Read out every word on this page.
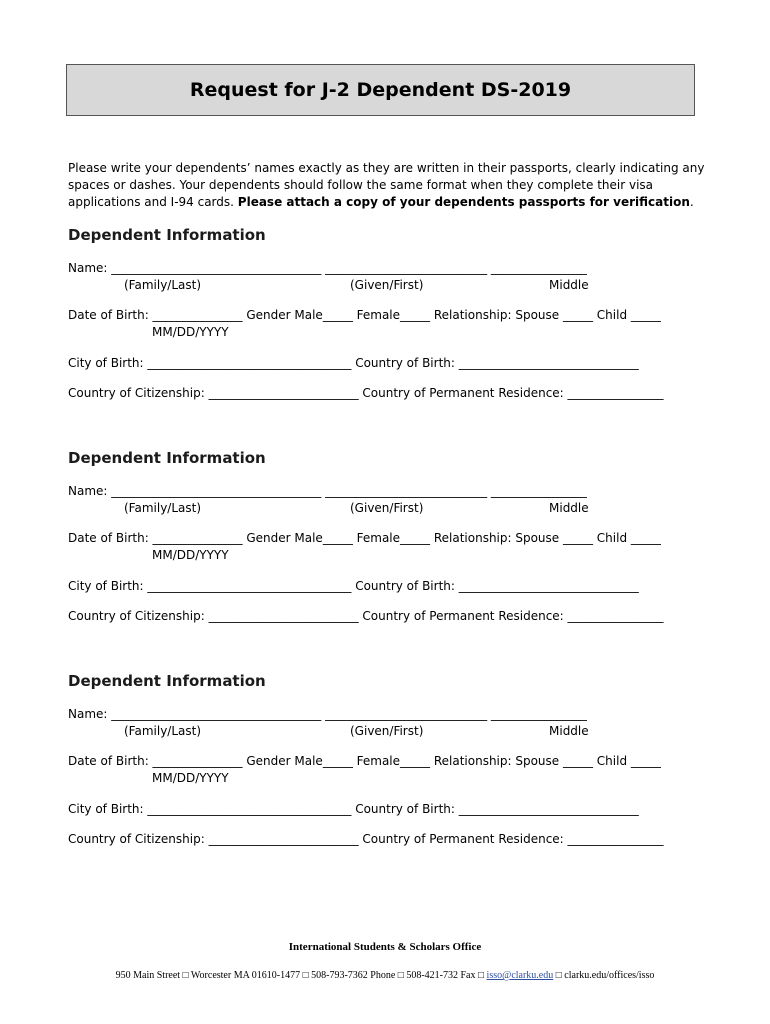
Request for J-2 Dependent DS-2019
Please write your dependents’ names exactly as they are written in their passports, clearly indicating any spaces or dashes. Your dependents should follow the same format when they complete their visa applications and I-94 cards. Please attach a copy of your dependents passports for verification.
Dependent Information
Name: ___________________________________ ___________________________ ________________
(Family/Last)	(Given/First)	Middle
Date of Birth: _______________ Gender Male_____ Female_____ Relationship: Spouse _____ Child _____
MM/DD/YYYY
City of Birth: __________________________________ Country of Birth: ______________________________
Country of Citizenship: _________________________ Country of Permanent Residence: ________________
Dependent Information
Name: ___________________________________ ___________________________ ________________
(Family/Last)	(Given/First)	Middle
Date of Birth: _______________ Gender Male_____ Female_____ Relationship: Spouse _____ Child _____
MM/DD/YYYY
City of Birth: __________________________________ Country of Birth: ______________________________
Country of Citizenship: _________________________ Country of Permanent Residence: ________________
Dependent Information
Name: ___________________________________ ___________________________ ________________
(Family/Last)	(Given/First)	Middle
Date of Birth: _______________ Gender Male_____ Female_____ Relationship: Spouse _____ Child _____
MM/DD/YYYY
City of Birth: __________________________________ Country of Birth: ______________________________
Country of Citizenship: _________________________ Country of Permanent Residence: ________________
International Students & Scholars Office
950 Main Street □ Worcester MA 01610-1477 □ 508-793-7362 Phone □ 508-421-732 Fax □ isso@clarku.edu □ clarku.edu/offices/isso
